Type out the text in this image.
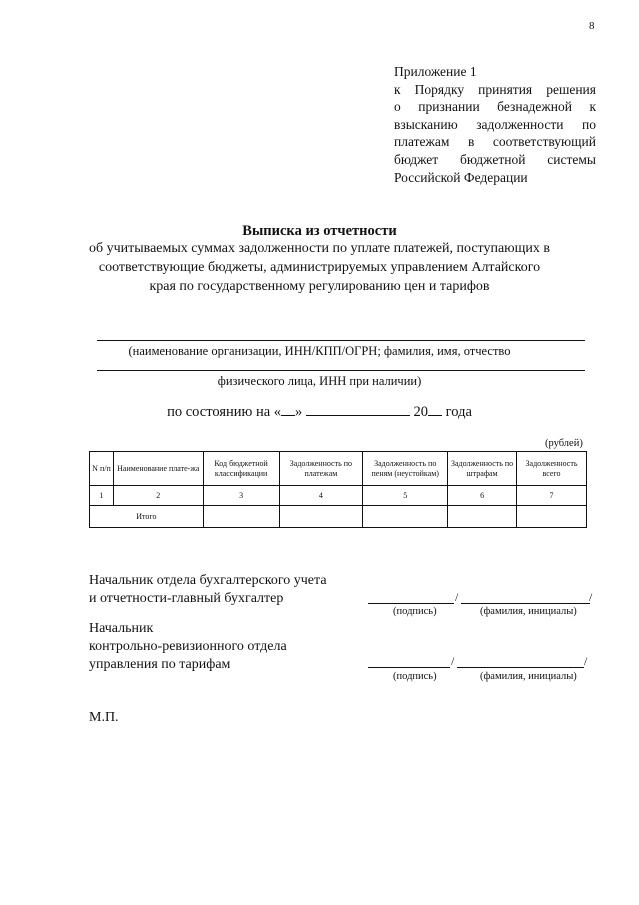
8
Приложение 1
к Порядку принятия решения
о признании безнадежной к
взысканию задолженности по
платежам в соответствующий
бюджет бюджетной системы
Российской Федерации
Выписка из отчетности
об учитываемых суммах задолженности по уплате платежей, поступающих в
соответствующие бюджеты, администрируемых управлением Алтайского
края по государственному регулированию цен и тарифов
(наименование организации, ИНН/КПП/ОГРН; фамилия, имя, отчество
физического лица, ИНН при наличии)
по состоянию на « »	20 года
(рублей)
N п/п	Наименование плате-жа	Код бюджетной классификации	Задолженность по платежам	Задолженность по пеням (неустойкам)	Задолженность по штрафам	Задолженность всего
1	2	3	4	5	6	7
Итого						
Начальник отдела бухгалтерского учета
и отчетности-главный бухгалтер	/	/
(подпись)	(фамилия, инициалы)
Начальник
контрольно-ревизионного отдела
управления по тарифам	/	/
(подпись)	(фамилия, инициалы)
М.П.
